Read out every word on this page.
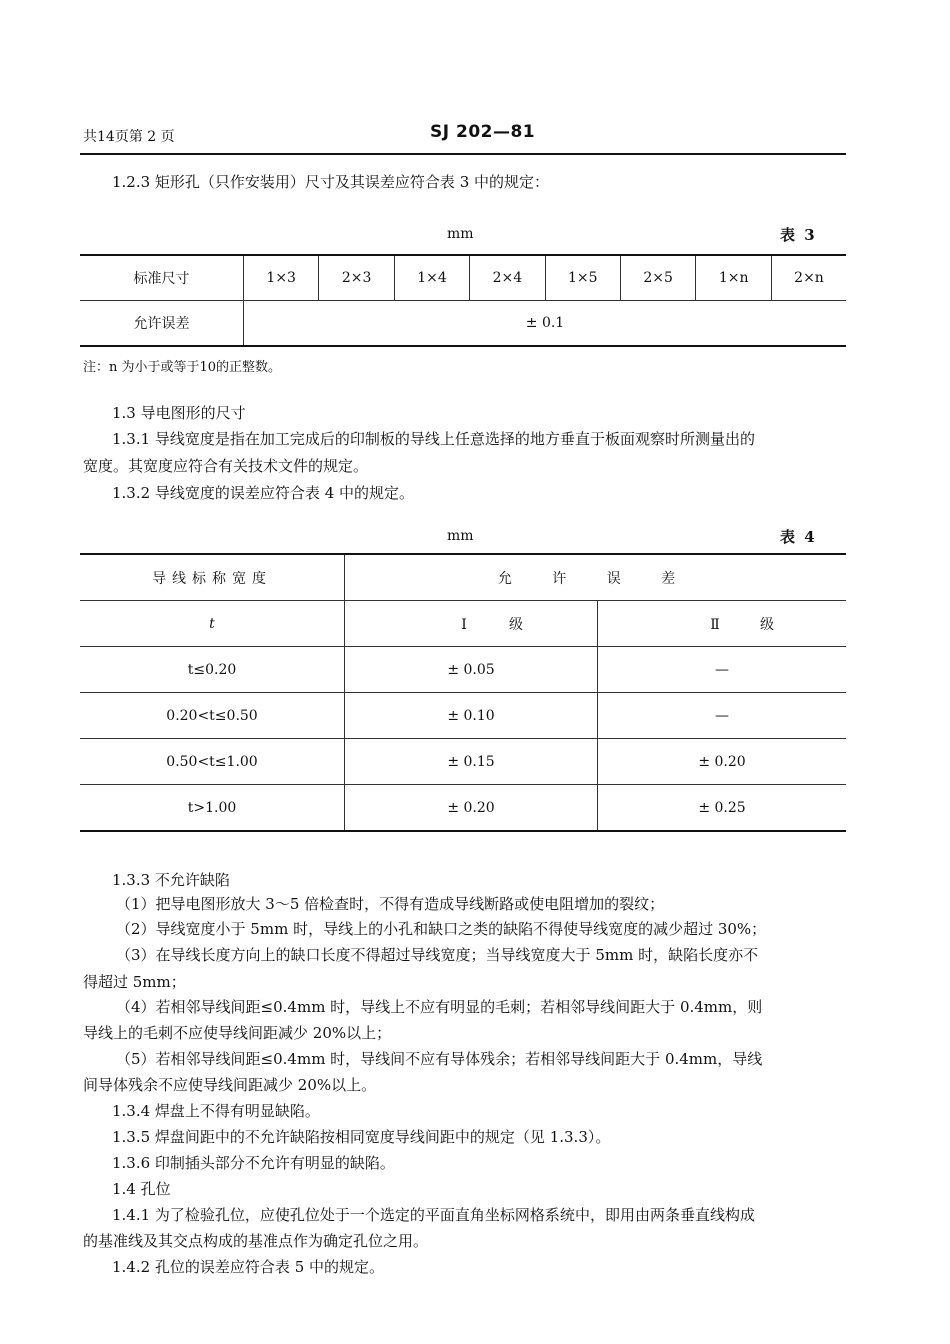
共14页第 2 页	SJ 202—81
1.2.3 矩形孔（只作安装用）尺寸及其误差应符合表 3 中的规定：
mm	表 3
标准尺寸	1×3	2×3	1×4	2×4	1×5	2×5	1×n	2×n
允许误差	± 0.1							
注：n 为小于或等于10的正整数。
1.3 导电图形的尺寸
1.3.1 导线宽度是指在加工完成后的印制板的导线上任意选择的地方垂直于板面观察时所测量出的
宽度。其宽度应符合有关技术文件的规定。
1.3.2 导线宽度的误差应符合表 4 中的规定。
mm	表 4
导线标称宽度	允 许 误 差	
t	Ⅰ 级	Ⅱ 级
t≤0.20	± 0.05	—
0.20<t≤0.50	± 0.10	—
0.50<t≤1.00	± 0.15	± 0.20
t>1.00	± 0.20	± 0.25
1.3.3 不允许缺陷
（1）把导电图形放大 3～5 倍检查时，不得有造成导线断路或使电阻增加的裂纹；
（2）导线宽度小于 5mm 时，导线上的小孔和缺口之类的缺陷不得使导线宽度的减少超过 30%；
（3）在导线长度方向上的缺口长度不得超过导线宽度；当导线宽度大于 5mm 时，缺陷长度亦不
得超过 5mm；
（4）若相邻导线间距≤0.4mm 时，导线上不应有明显的毛刺；若相邻导线间距大于 0.4mm，则
导线上的毛刺不应使导线间距减少 20%以上；
（5）若相邻导线间距≤0.4mm 时，导线间不应有导体残余；若相邻导线间距大于 0.4mm，导线
间导体残余不应使导线间距减少 20%以上。
1.3.4 焊盘上不得有明显缺陷。
1.3.5 焊盘间距中的不允许缺陷按相同宽度导线间距中的规定（见 1.3.3）。
1.3.6 印制插头部分不允许有明显的缺陷。
1.4 孔位
1.4.1 为了检验孔位，应使孔位处于一个选定的平面直角坐标网格系统中，即用由两条垂直线构成
的基准线及其交点构成的基准点作为确定孔位之用。
1.4.2 孔位的误差应符合表 5 中的规定。
